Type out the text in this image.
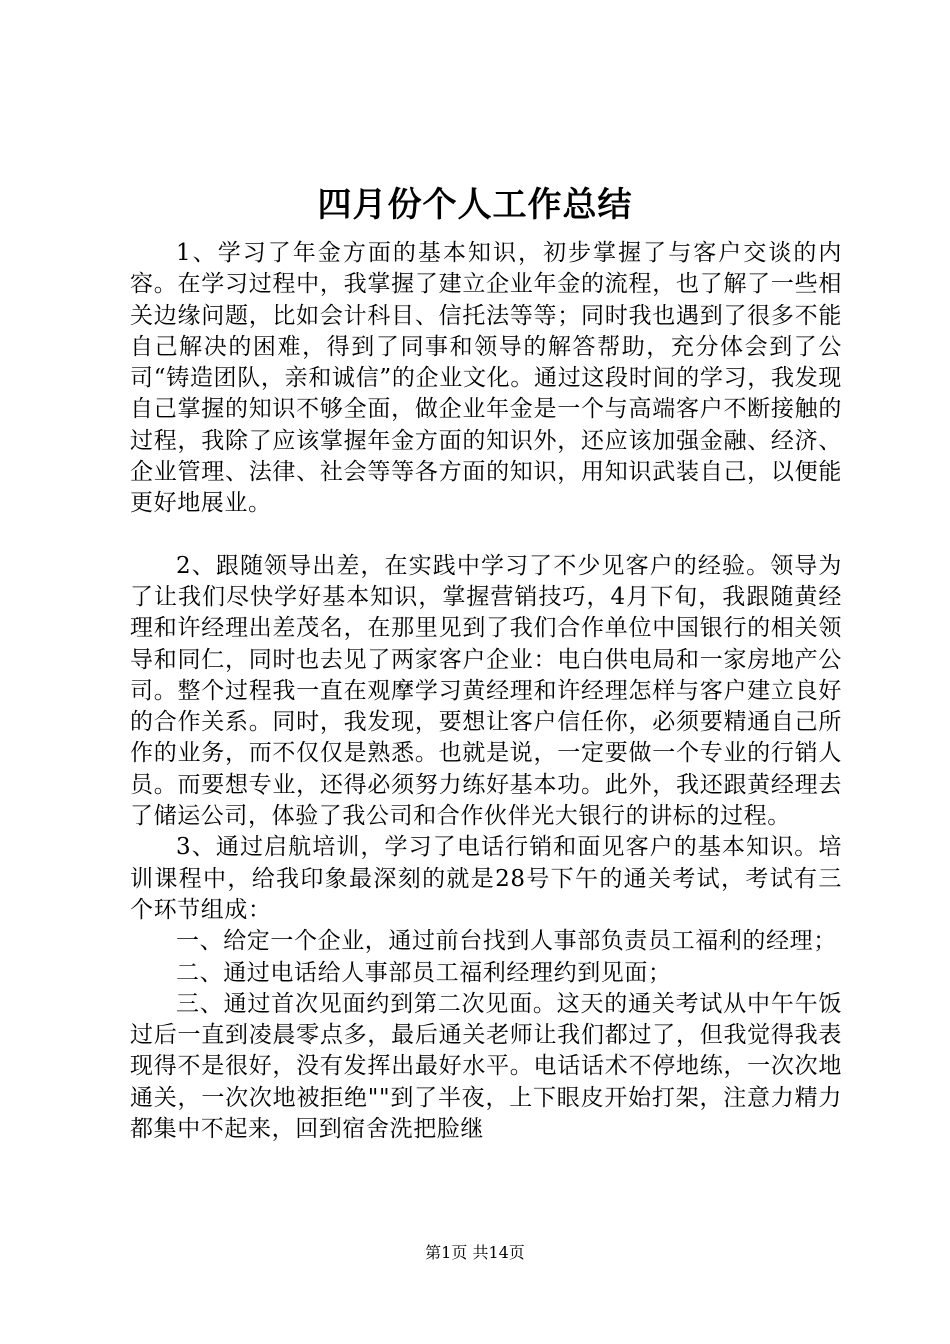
四月份个人工作总结

1、学习了年金方面的基本知识，初步掌握了与客户交谈的内容。在学习过程中，我掌握了建立企业年金的流程，也了解了一些相关边缘问题，比如会计科目、信托法等等；同时我也遇到了很多不能自己解决的困难，得到了同事和领导的解答帮助，充分体会到了公司“铸造团队，亲和诚信”的企业文化。通过这段时间的学习，我发现自己掌握的知识不够全面，做企业年金是一个与高端客户不断接触的过程，我除了应该掌握年金方面的知识外，还应该加强金融、经济、企业管理、法律、社会等等各方面的知识，用知识武装自己，以便能更好地展业。

2、跟随领导出差，在实践中学习了不少见客户的经验。领导为了让我们尽快学好基本知识，掌握营销技巧，4月下旬，我跟随黄经理和许经理出差茂名，在那里见到了我们合作单位中国银行的相关领导和同仁，同时也去见了两家客户企业：电白供电局和一家房地产公司。整个过程我一直在观摩学习黄经理和许经理怎样与客户建立良好的合作关系。同时，我发现，要想让客户信任你，必须要精通自己所作的业务，而不仅仅是熟悉。也就是说，一定要做一个专业的行销人员。而要想专业，还得必须努力练好基本功。此外，我还跟黄经理去了储运公司，体验了我公司和合作伙伴光大银行的讲标的过程。

3、通过启航培训，学习了电话行销和面见客户的基本知识。培训课程中，给我印象最深刻的就是28号下午的通关考试，考试有三个环节组成：

一、给定一个企业，通过前台找到人事部负责员工福利的经理；

二、通过电话给人事部员工福利经理约到见面；

三、通过首次见面约到第二次见面。这天的通关考试从中午午饭过后一直到凌晨零点多，最后通关老师让我们都过了，但我觉得我表现得不是很好，没有发挥出最好水平。电话话术不停地练，一次次地通关，一次次地被拒绝""到了半夜，上下眼皮开始打架，注意力精力都集中不起来，回到宿舍洗把脸继

第1页 共14页
